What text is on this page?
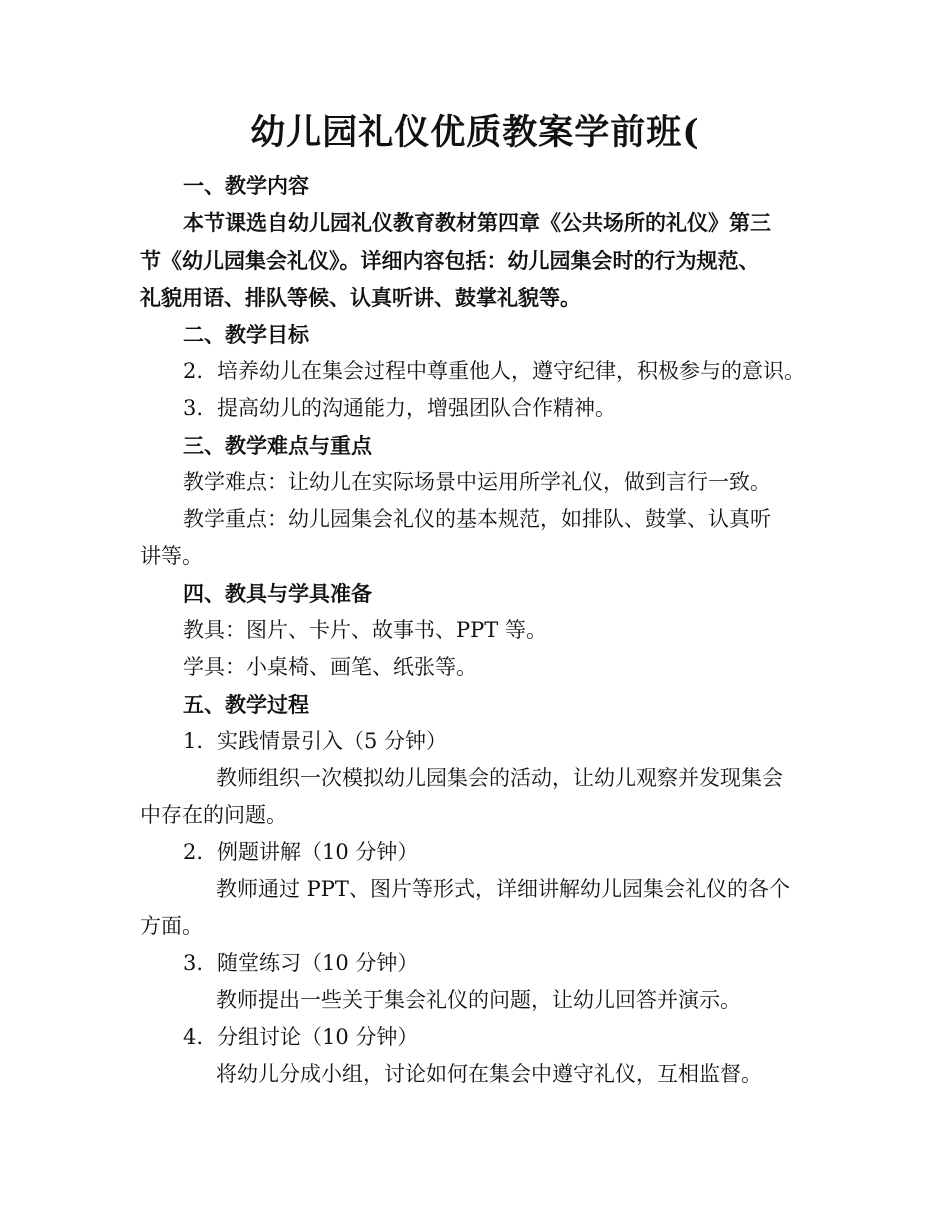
幼儿园礼仪优质教案学前班(
一、教学内容
本节课选自幼儿园礼仪教育教材第四章《公共场所的礼仪》第三
节《幼儿园集会礼仪》。详细内容包括：幼儿园集会时的行为规范、
礼貌用语、排队等候、认真听讲、鼓掌礼貌等。
二、教学目标
2. 培养幼儿在集会过程中尊重他人，遵守纪律，积极参与的意识。
3. 提高幼儿的沟通能力，增强团队合作精神。
三、教学难点与重点
教学难点：让幼儿在实际场景中运用所学礼仪，做到言行一致。
教学重点：幼儿园集会礼仪的基本规范，如排队、鼓掌、认真听
讲等。
四、教具与学具准备
教具：图片、卡片、故事书、PPT 等。
学具：小桌椅、画笔、纸张等。
五、教学过程
1. 实践情景引入（5 分钟）
教师组织一次模拟幼儿园集会的活动，让幼儿观察并发现集会
中存在的问题。
2. 例题讲解（10 分钟）
教师通过 PPT、图片等形式，详细讲解幼儿园集会礼仪的各个
方面。
3. 随堂练习（10 分钟）
教师提出一些关于集会礼仪的问题，让幼儿回答并演示。
4. 分组讨论（10 分钟）
将幼儿分成小组，讨论如何在集会中遵守礼仪，互相监督。
